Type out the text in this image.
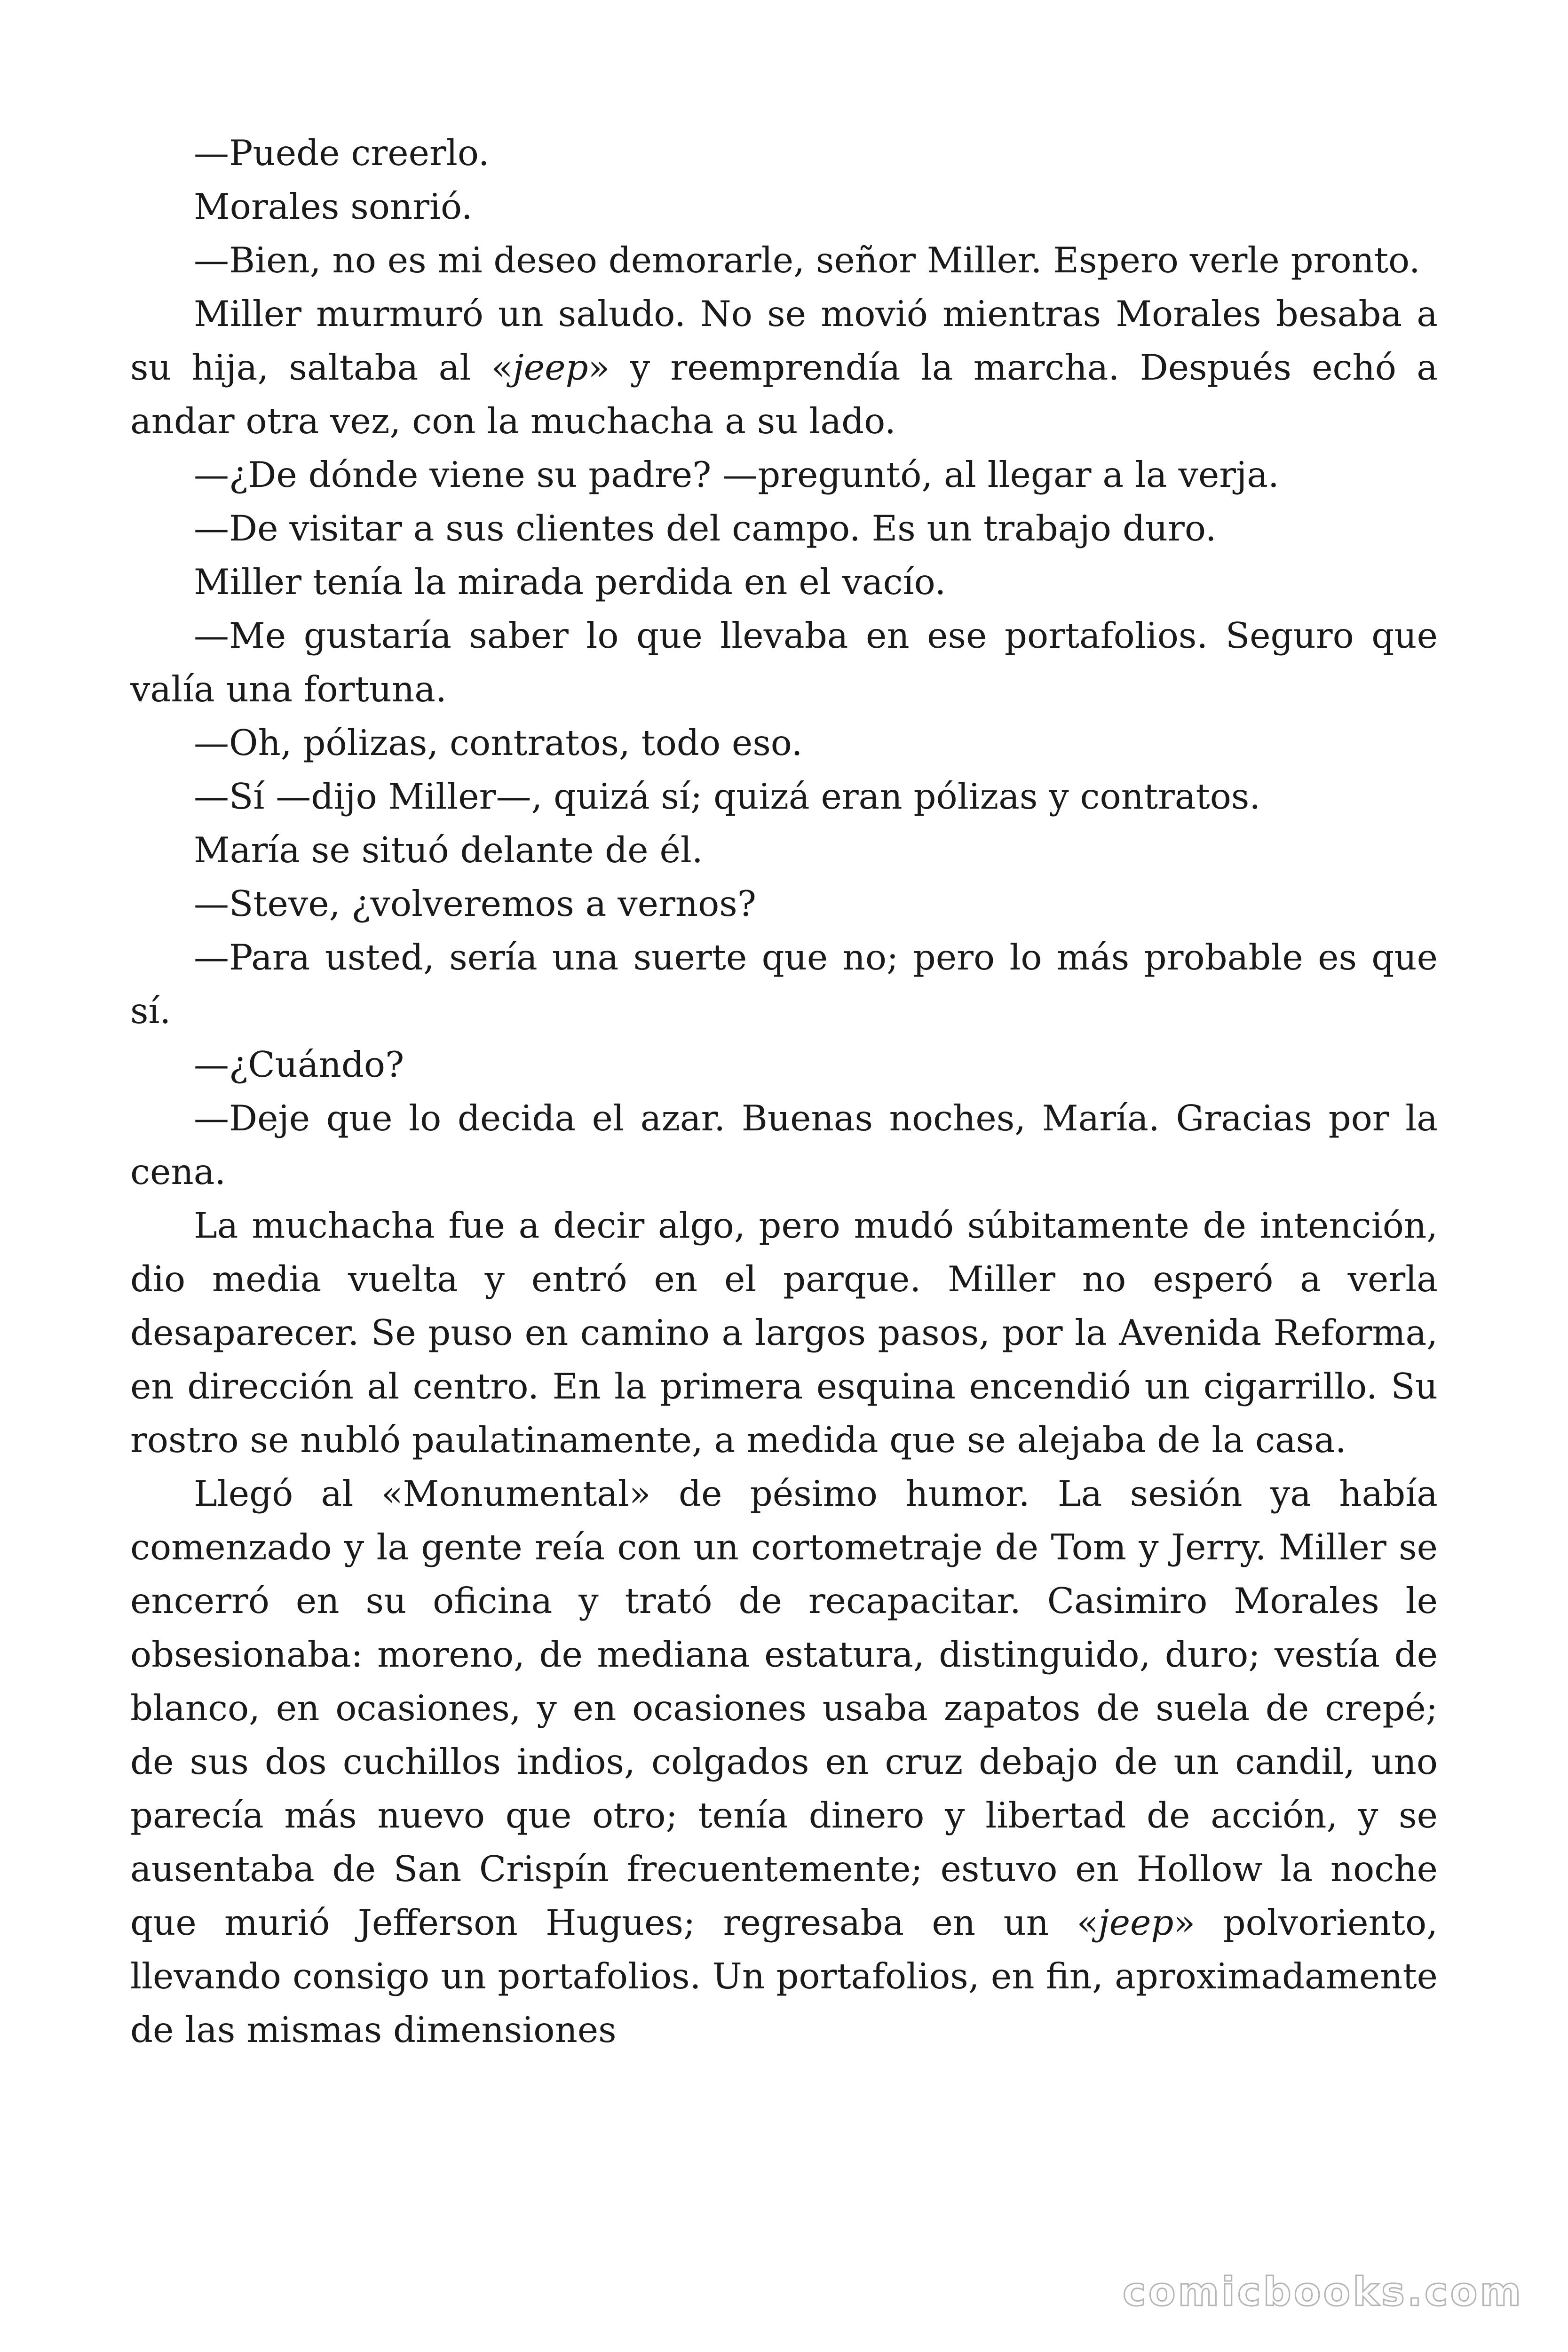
—Puede creerlo.

Morales sonrió.

—Bien, no es mi deseo demorarle, señor Miller. Espero verle pronto.

Miller murmuró un saludo. No se movió mientras Morales besaba a su hija, saltaba al «jeep» y reemprendía la marcha. Después echó a andar otra vez, con la muchacha a su lado.

—¿De dónde viene su padre? —preguntó, al llegar a la verja.

—De visitar a sus clientes del campo. Es un trabajo duro.

Miller tenía la mirada perdida en el vacío.

—Me gustaría saber lo que llevaba en ese portafolios. Seguro que valía una fortuna.

—Oh, pólizas, contratos, todo eso.

—Sí —dijo Miller—, quizá sí; quizá eran pólizas y contratos.

María se situó delante de él.

—Steve, ¿volveremos a vernos?

—Para usted, sería una suerte que no; pero lo más probable es que sí.

—¿Cuándo?

—Deje que lo decida el azar. Buenas noches, María. Gracias por la cena.

La muchacha fue a decir algo, pero mudó súbitamente de intención, dio media vuelta y entró en el parque. Miller no esperó a verla desaparecer. Se puso en camino a largos pasos, por la Avenida Reforma, en dirección al centro. En la primera esquina encendió un cigarrillo. Su rostro se nubló paulatinamente, a medida que se alejaba de la casa.

Llegó al «Monumental» de pésimo humor. La sesión ya había comenzado y la gente reía con un cortometraje de Tom y Jerry. Miller se encerró en su oficina y trató de recapacitar. Casimiro Morales le obsesionaba: moreno, de mediana estatura, distinguido, duro; vestía de blanco, en ocasiones, y en ocasiones usaba zapatos de suela de crepé; de sus dos cuchillos indios, colgados en cruz debajo de un candil, uno parecía más nuevo que otro; tenía dinero y libertad de acción, y se ausentaba de San Crispín frecuentemente; estuvo en Hollow la noche que murió Jefferson Hugues; regresaba en un «jeep» polvoriento, llevando consigo un portafolios. Un portafolios, en fin, aproximadamente de las mismas dimensiones

comicbooks.com
